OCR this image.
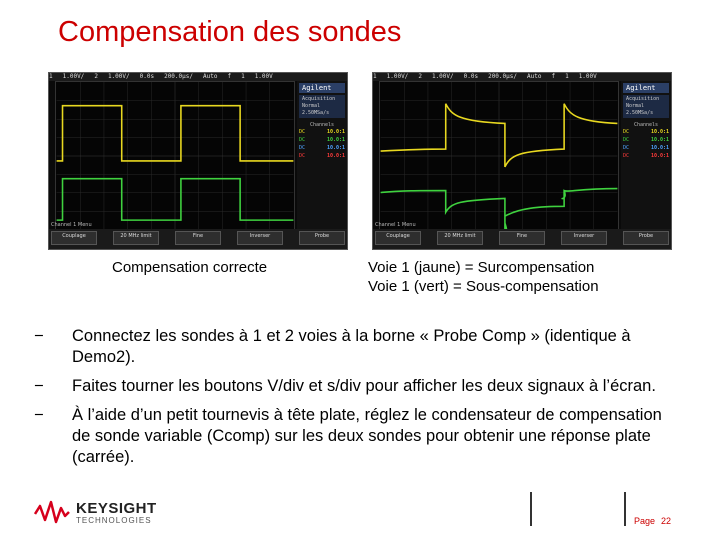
Compensation des sondes
1 1.00V/ 2 1.00V/ 0.0s 200.0μs/ Auto f 1 1.00V
Agilent
Acquisition
Normal
2.50MSa/s
Channels
DC	10.0:1
DC	10.0:1
DC	10.0:1
DC	10.0:1
Channel 1 Menu
Couplage	20 MHz limit	Fine	Inverser	Probe
1 1.00V/ 2 1.00V/ 0.0s 200.0μs/ Auto f 1 1.00V
Agilent
Acquisition
Normal
2.50MSa/s
Channels
DC	10.0:1
DC	10.0:1
DC	10.0:1
DC	10.0:1
Channel 1 Menu
Couplage	20 MHz limit	Fine	Inverser	Probe
Compensation correcte	Voie 1 (jaune) = Surcompensation
Voie 1 (vert) = Sous-compensation
− Connectez les sondes à 1 et 2 voies à la borne « Probe Comp » (identique à Demo2).
− Faites tourner les boutons V/div et s/div pour afficher les deux signaux à l’écran.
− À l’aide d’un petit tournevis à tête plate, réglez le condensateur de compensation de sonde variable (Ccomp) sur les deux sondes pour obtenir une réponse plate (carrée).
KEYSIGHT
TECHNOLOGIES	Page 22
